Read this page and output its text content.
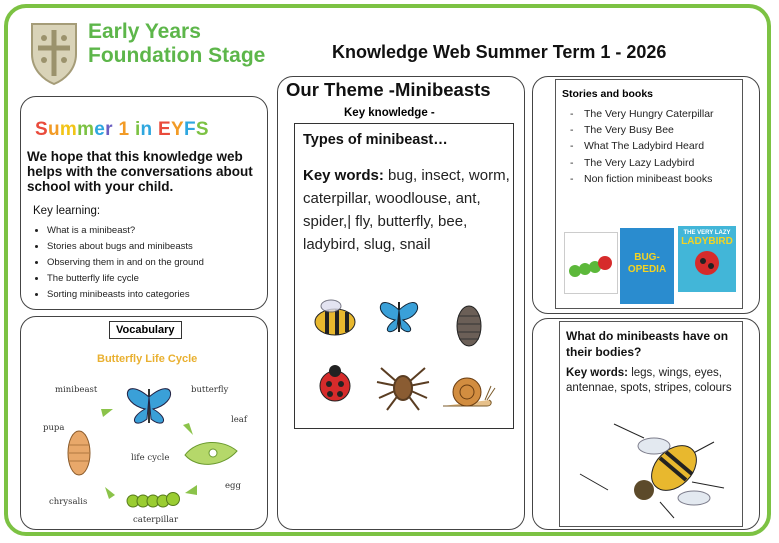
Early Years
Foundation Stage	Knowledge Web Summer Term 1 - 2026
Summer 1 in EYFS
We hope that this knowledge web helps with the conversations about school with your child.
Key learning:
• What is a minibeast?
• Stories about bugs and minibeasts
• Observing them in and on the ground
• The butterfly life cycle
• Sorting minibeasts into categories
Vocabulary
Butterfly Life Cycle
minibeast	butterfly
leaf
pupa
life cycle
egg
chrysalis
caterpillar
Our Theme -Minibeasts
Key knowledge -
Types of minibeast…
Key words: bug, insect, worm, caterpillar, woodlouse, ant, spider,| fly, butterfly, bee, ladybird, slug, snail
Stories and books
- The Very Hungry Caterpillar
- The Very Busy Bee
- What The Ladybird Heard
- The Very Lazy Ladybird
- Non fiction minibeast books
BUG-
OPEDIA
THE VERY LAZY
LADYBIRD
What do minibeasts have on their bodies?
Key words: legs, wings, eyes, antennae, spots, stripes, colours
